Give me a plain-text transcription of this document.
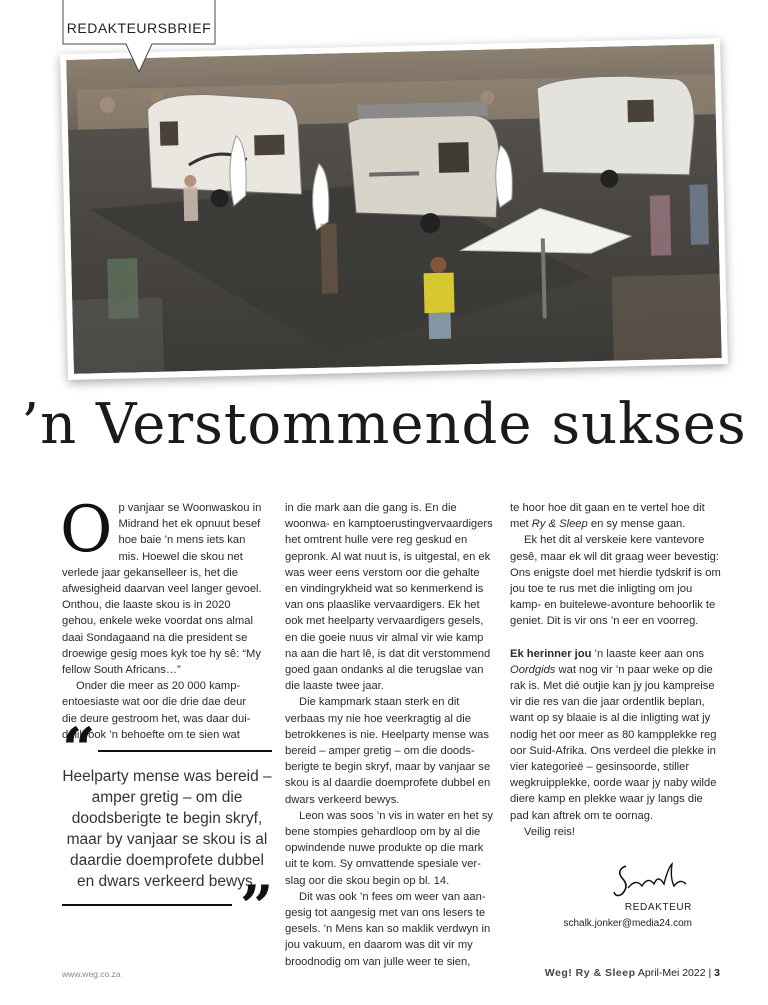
REDAKTEURSBRIEF
’n Verstommende sukses

Op vanjaar se Woonwaskou in Midrand het ek opnuut besef hoe baie ’n mens iets kan mis. Hoewel die skou net verlede jaar gekanselleer is, het die afwesigheid daarvan veel langer gevoel. Onthou, die laaste skou is in 2020 gehou, enkele weke voordat ons almal daai Sondagaand na die president se droewige gesig moes kyk toe hy sê: “My fellow South Africans…”

Onder die meer as 20 000 kampentoesiaste wat oor die drie dae deur die deure gestroom het, was daar duidelik ook ’n behoefte om te sien wat

“
Heelparty mense was bereid – amper gretig – om die doodsberigte te begin skryf, maar by vanjaar se skou is al daardie doemprofete dubbel en dwars verkeerd bewys.
”

in die mark aan die gang is. En die woonwa- en kamptoerustingvervaardigers het omtrent hulle vere reg geskud en gepronk. Al wat nuut is, is uitgestal, en ek was weer eens verstom oor die gehalte en vindingrykheid wat so kenmerkend is van ons plaaslike vervaardigers. Ek het ook met heelparty vervaardigers gesels, en die goeie nuus vir almal vir wie kamp na aan die hart lê, is dat dit verstommend goed gaan ondanks al die terugslae van die laaste twee jaar.

Die kampmark staan sterk en dit verbaas my nie hoe veerkragtig al die betrokkenes is nie. Heelparty mense was bereid – amper gretig – om die doodsberigte te begin skryf, maar by vanjaar se skou is al daardie doemprofete dubbel en dwars verkeerd bewys.

Leon was soos ’n vis in water en het sy bene stompies gehardloop om by al die opwindende nuwe produkte op die mark uit te kom. Sy omvattende spesiale verslag oor die skou begin op bl. 14.

Dit was ook ’n fees om weer van aangesig tot aangesig met van ons lesers te gesels. ’n Mens kan so maklik verdwyn in jou vakuum, en daarom was dit vir my broodnodig om van julle weer te sien,

te hoor hoe dit gaan en te vertel hoe dit met Ry & Sleep en sy mense gaan.

Ek het dit al verskeie kere vantevore gesê, maar ek wil dit graag weer bevestig: Ons enigste doel met hierdie tydskrif is om jou toe te rus met die inligting om jou kamp- en buitelewe-avonture behoorlik te geniet. Dit is vir ons ’n eer en voorreg.

Ek herinner jou ’n laaste keer aan ons Oordgids wat nog vir ’n paar weke op die rak is. Met dié outjie kan jy jou kampreise vir die res van die jaar ordentlik beplan, want op sy blaaie is al die inligting wat jy nodig het oor meer as 80 kampplekke reg oor Suid-Afrika. Ons verdeel die plekke in vier kategorieë – gesinsoorde, stiller wegkruipplekke, oorde waar jy naby wilde diere kamp en plekke waar jy langs die pad kan aftrek om te oornag.

Veilig reis!

REDAKTEUR
schalk.jonker@media24.com
www.weg.co.za	Weg! Ry & Sleep April-Mei 2022 | 3
